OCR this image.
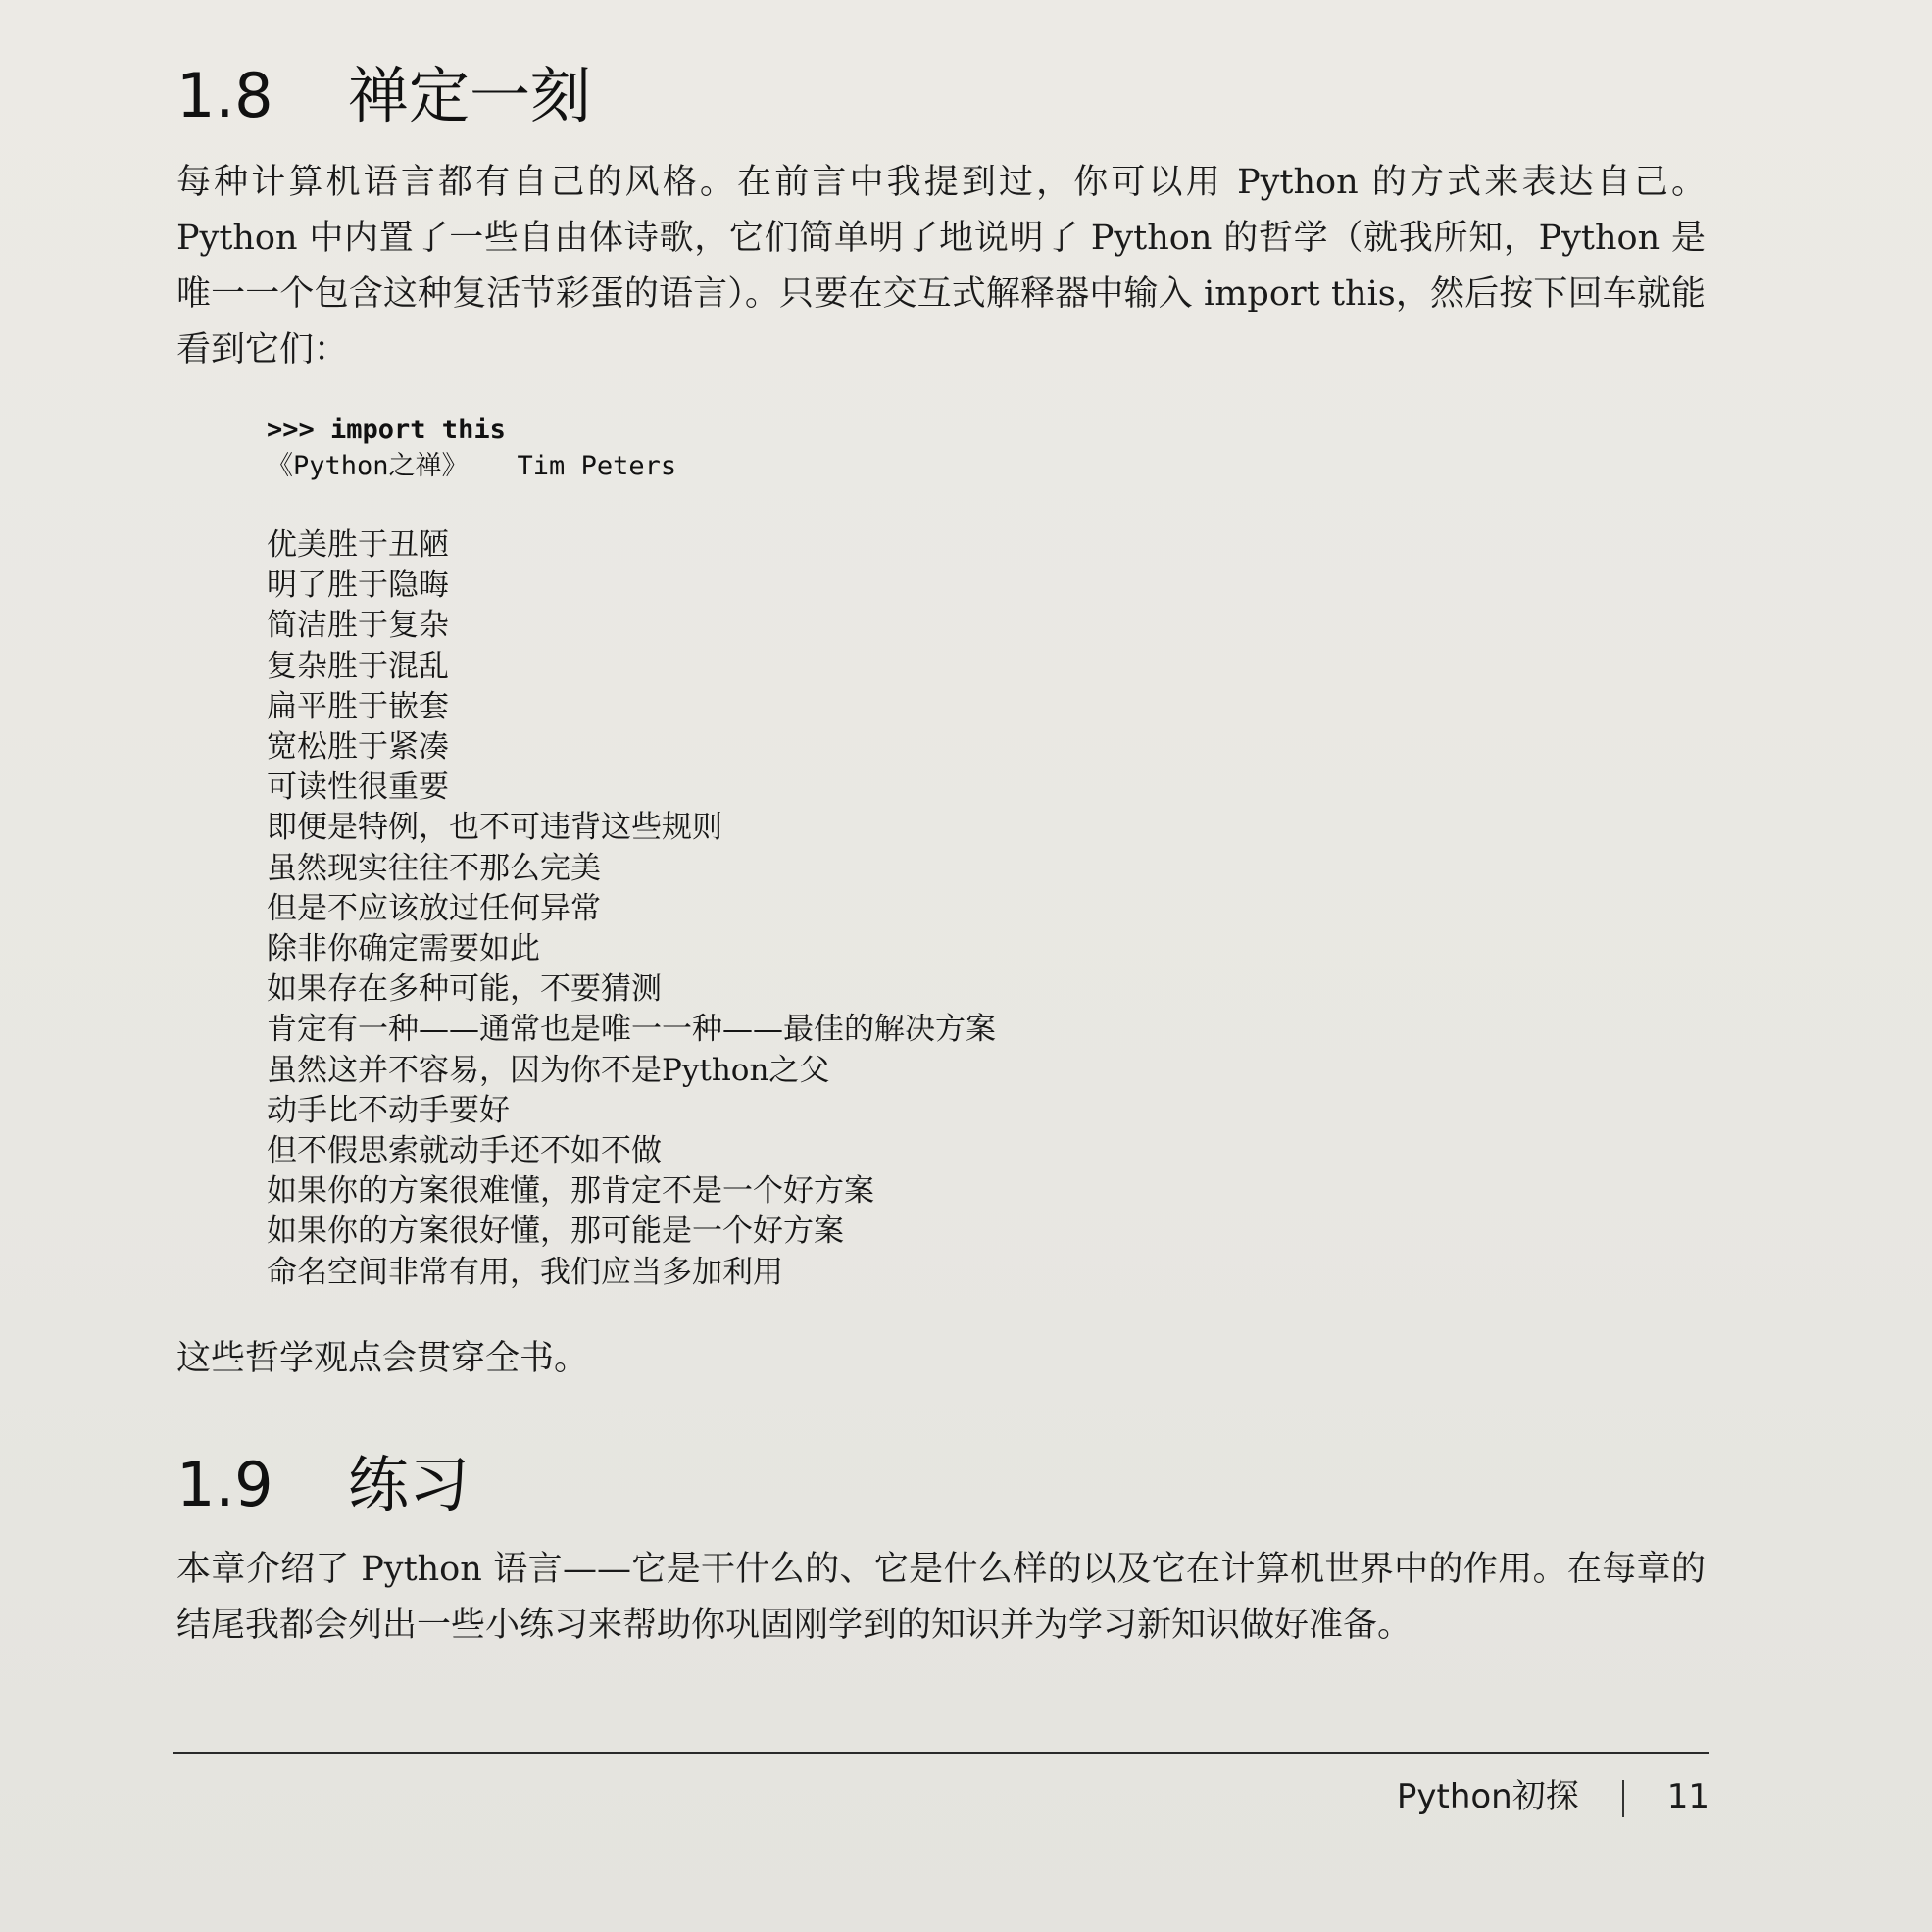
1.8 禅定一刻

每种计算机语言都有自己的风格。在前言中我提到过，你可以用 Python 的方式来表达自己。Python 中内置了一些自由体诗歌，它们简单明了地说明了 Python 的哲学（就我所知，Python 是唯一一个包含这种复活节彩蛋的语言）。只要在交互式解释器中输入 import this，然后按下回车就能看到它们：

>>> import this
《Python之禅》 Tim Peters
优美胜于丑陋
明了胜于隐晦
简洁胜于复杂
复杂胜于混乱
扁平胜于嵌套
宽松胜于紧凑
可读性很重要
即便是特例，也不可违背这些规则
虽然现实往往不那么完美
但是不应该放过任何异常
除非你确定需要如此
如果存在多种可能，不要猜测
肯定有一种——通常也是唯一一种——最佳的解决方案
虽然这并不容易，因为你不是Python之父
动手比不动手要好
但不假思索就动手还不如不做
如果你的方案很难懂，那肯定不是一个好方案
如果你的方案很好懂，那可能是一个好方案
命名空间非常有用，我们应当多加利用

这些哲学观点会贯穿全书。

1.9 练习

本章介绍了 Python 语言——它是干什么的、它是什么样的以及它在计算机世界中的作用。在每章的结尾我都会列出一些小练习来帮助你巩固刚学到的知识并为学习新知识做好准备。

Python初探	11
